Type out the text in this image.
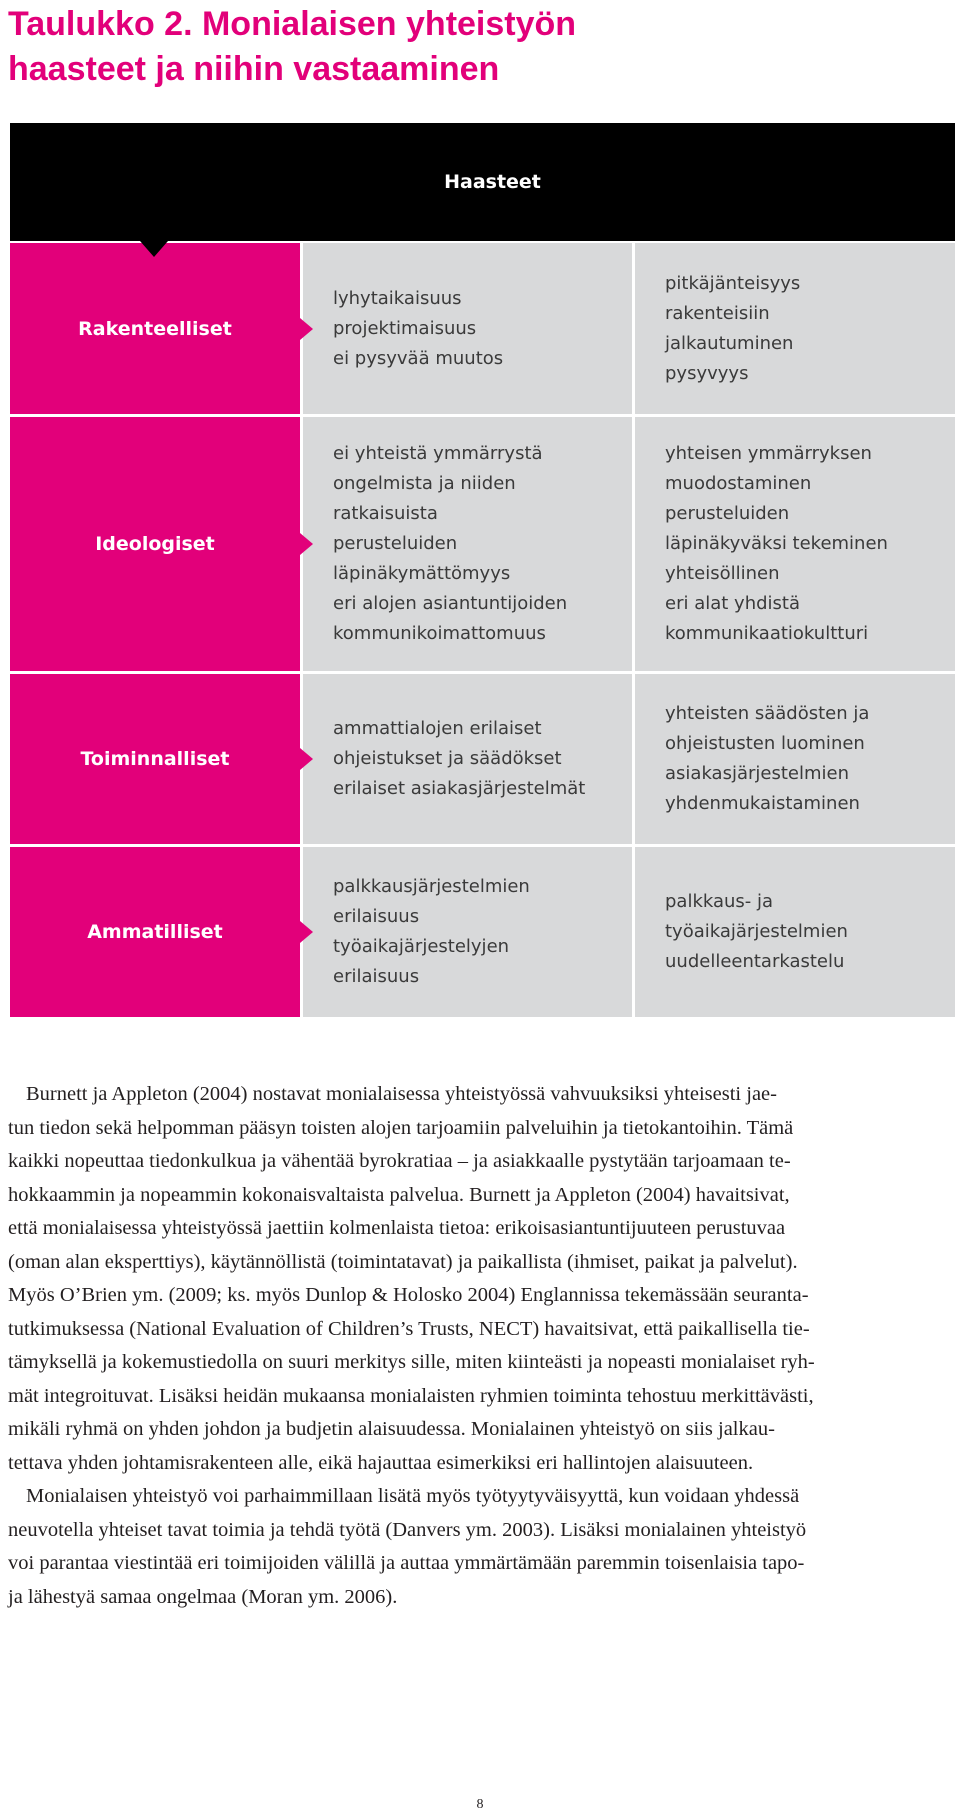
Taulukko 2. Monialaisen yhteistyön
haasteet ja niihin vastaaminen
Haasteet
Rakenteelliset
lyhytaikaisuus
projektimaisuus
ei pysyvää muutos
pitkäjänteisyys
rakenteisiin
jalkautuminen
pysyvyys
Ideologiset
ei yhteistä ymmärrystä
ongelmista ja niiden
ratkaisuista
perusteluiden
läpinäkymättömyys
eri alojen asiantuntijoiden
kommunikoimattomuus
yhteisen ymmärryksen
muodostaminen
perusteluiden
läpinäkyväksi tekeminen
yhteisöllinen
eri alat yhdistä
kommunikaatiokultturi
Toiminnalliset
ammattialojen erilaiset
ohjeistukset ja säädökset
erilaiset asiakasjärjestelmät
yhteisten säädösten ja
ohjeistusten luominen
asiakasjärjestelmien
yhdenmukaistaminen
Ammatilliset
palkkausjärjestelmien
erilaisuus
työaikajärjestelyjen
erilaisuus
palkkaus- ja
työaikajärjestelmien
uudelleentarkastelu
Burnett ja Appleton (2004) nostavat monialaisessa yhteistyössä vahvuuksiksi yhteisesti jae-
tun tiedon sekä helpomman pääsyn toisten alojen tarjoamiin palveluihin ja tietokantoihin. Tämä
kaikki nopeuttaa tiedonkulkua ja vähentää byrokratiaa – ja asiakkaalle pystytään tarjoamaan te-
hokkaammin ja nopeammin kokonaisvaltaista palvelua. Burnett ja Appleton (2004) havaitsivat,
että monialaisessa yhteistyössä jaettiin kolmenlaista tietoa: erikoisasiantuntijuuteen perustuvaa
(oman alan eksperttiys), käytännöllistä (toimintatavat) ja paikallista (ihmiset, paikat ja palvelut).
Myös O’Brien ym. (2009; ks. myös Dunlop & Holosko 2004) Englannissa tekemässään seuranta-
tutkimuksessa (National Evaluation of Children’s Trusts, NECT) havaitsivat, että paikallisella tie-
tämyksellä ja kokemustiedolla on suuri merkitys sille, miten kiinteästi ja nopeasti monialaiset ryh-
mät integroituvat. Lisäksi heidän mukaansa monialaisten ryhmien toiminta tehostuu merkittävästi,
mikäli ryhmä on yhden johdon ja budjetin alaisuudessa. Monialainen yhteistyö on siis jalkau-
tettava yhden johtamisrakenteen alle, eikä hajauttaa esimerkiksi eri hallintojen alaisuuteen.
Monialaisen yhteistyö voi parhaimmillaan lisätä myös työtyytyväisyyttä, kun voidaan yhdessä
neuvotella yhteiset tavat toimia ja tehdä työtä (Danvers ym. 2003). Lisäksi monialainen yhteistyö
voi parantaa viestintää eri toimijoiden välillä ja auttaa ymmärtämään paremmin toisenlaisia tapo-
ja lähestyä samaa ongelmaa (Moran ym. 2006).
8
